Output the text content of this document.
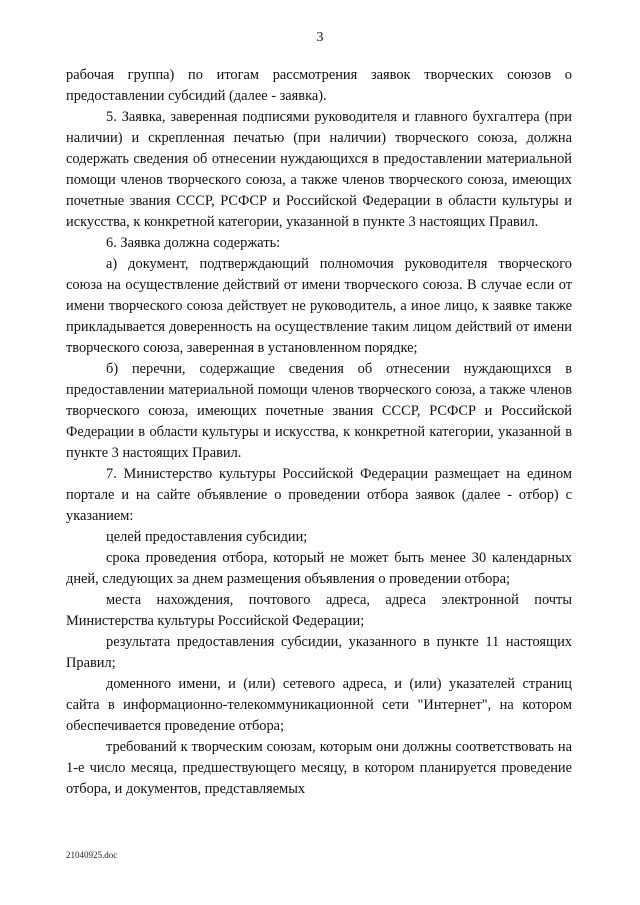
3

рабочая группа) по итогам рассмотрения заявок творческих союзов о предоставлении субсидий (далее - заявка).

5. Заявка, заверенная подписями руководителя и главного бухгалтера (при наличии) и скрепленная печатью (при наличии) творческого союза, должна содержать сведения об отнесении нуждающихся в предоставлении материальной помощи членов творческого союза, а также членов творческого союза, имеющих почетные звания СССР, РСФСР и Российской Федерации в области культуры и искусства, к конкретной категории, указанной в пункте 3 настоящих Правил.

6. Заявка должна содержать:

а) документ, подтверждающий полномочия руководителя творческого союза на осуществление действий от имени творческого союза. В случае если от имени творческого союза действует не руководитель, а иное лицо, к заявке также прикладывается доверенность на осуществление таким лицом действий от имени творческого союза, заверенная в установленном порядке;

б) перечни, содержащие сведения об отнесении нуждающихся в предоставлении материальной помощи членов творческого союза, а также членов творческого союза, имеющих почетные звания СССР, РСФСР и Российской Федерации в области культуры и искусства, к конкретной категории, указанной в пункте 3 настоящих Правил.

7. Министерство культуры Российской Федерации размещает на едином портале и на сайте объявление о проведении отбора заявок (далее - отбор) с указанием:

целей предоставления субсидии;

срока проведения отбора, который не может быть менее 30 календарных дней, следующих за днем размещения объявления о проведении отбора;

места нахождения, почтового адреса, адреса электронной почты Министерства культуры Российской Федерации;

результата предоставления субсидии, указанного в пункте 11 настоящих Правил;

доменного имени, и (или) сетевого адреса, и (или) указателей страниц сайта в информационно-телекоммуникационной сети "Интернет", на котором обеспечивается проведение отбора;

требований к творческим союзам, которым они должны соответствовать на 1-е число месяца, предшествующего месяцу, в котором планируется проведение отбора, и документов, представляемых

21040925.doc
